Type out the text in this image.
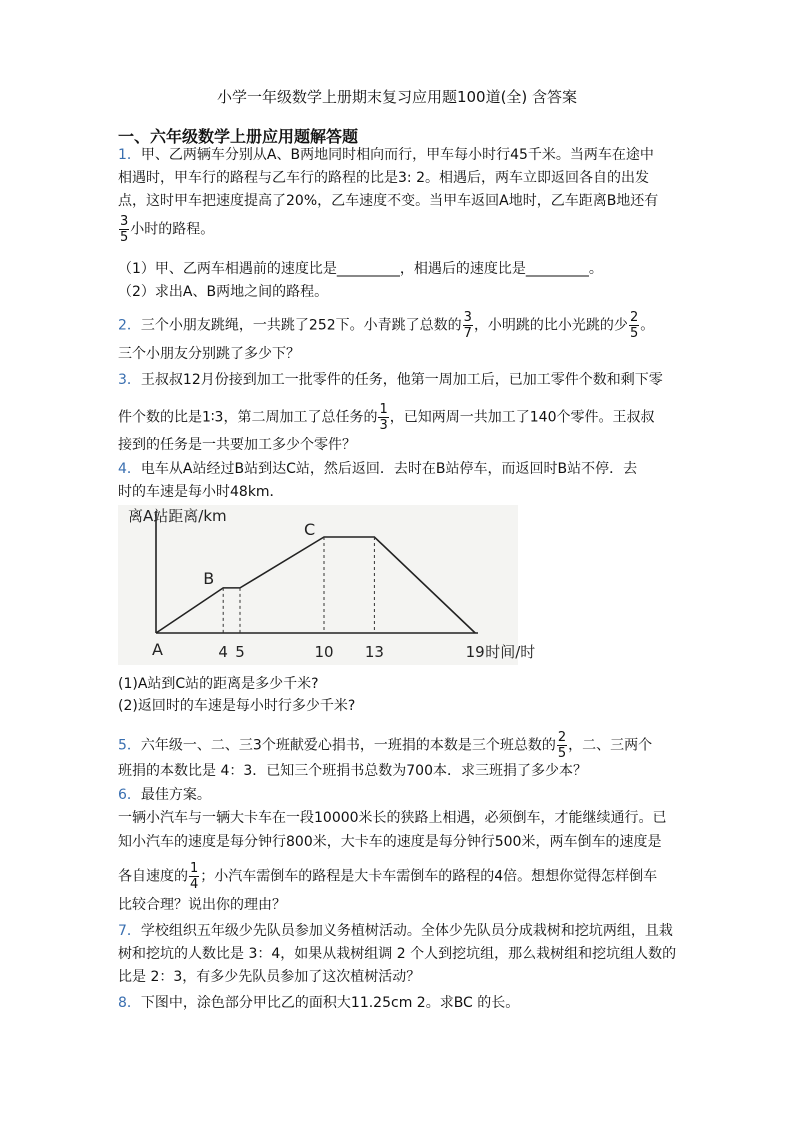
小学一年级数学上册期末复习应用题100道(全) 含答案
一、六年级数学上册应用题解答题
1．甲、乙两辆车分别从A、B两地同时相向而行，甲车每小时行45千米。当两车在途中
相遇时，甲车行的路程与乙车行的路程的比是3: 2。相遇后，两车立即返回各自的出发
点，这时甲车把速度提高了20%，乙车速度不变。当甲车返回A地时，乙车距离B地还有
$\frac{3}{5}$ 小时的路程。
（1）甲、乙两车相遇前的速度比是_________，相遇后的速度比是_________。
（2）求出A、B两地之间的路程。
2．三个小朋友跳绳，一共跳了252下。小青跳了总数的 $\frac{3}{7}$ ，小明跳的比小光跳的少 $\frac{2}{5}$ 。
三个小朋友分别跳了多少下？
3．王叔叔12月份接到加工一批零件的任务，他第一周加工后，已加工零件个数和剩下零
件个数的比是1∶3，第二周加工了总任务的 $\frac{1}{3}$ ，已知两周一共加工了140个零件。王叔叔
接到的任务是一共要加工多少个零件？
4．电车从A站经过B站到达C站，然后返回．去时在B站停车，而返回时B站不停．去
时的车速是每小时48km．
离A站距离/km
4 5	10 13	19 时间/时
A
B
C
(1)A站到C站的距离是多少千米?
(2)返回时的车速是每小时行多少千米?
5．六年级一、二、三3个班献爱心捐书，一班捐的本数是三个班总数的 $\frac{2}{5}$ ，二、三两个
班捐的本数比是 4：3．已知三个班捐书总数为700本．求三班捐了多少本？
6．最佳方案。
一辆小汽车与一辆大卡车在一段10000米长的狭路上相遇，必须倒车，才能继续通行。已
知小汽车的速度是每分钟行800米，大卡车的速度是每分钟行500米，两车倒车的速度是
各自速度的 $\frac{1}{4}$ ；小汽车需倒车的路程是大卡车需倒车的路程的4倍。想想你觉得怎样倒车
比较合理？说出你的理由？
7．学校组织五年级少先队员参加义务植树活动。全体少先队员分成栽树和挖坑两组，且栽
树和挖坑的人数比是 3：4，如果从栽树组调 2 个人到挖坑组，那么栽树组和挖坑组人数的
比是 2：3，有多少先队员参加了这次植树活动？
8．下图中，涂色部分甲比乙的面积大11.25cm 2。求BC 的长。
